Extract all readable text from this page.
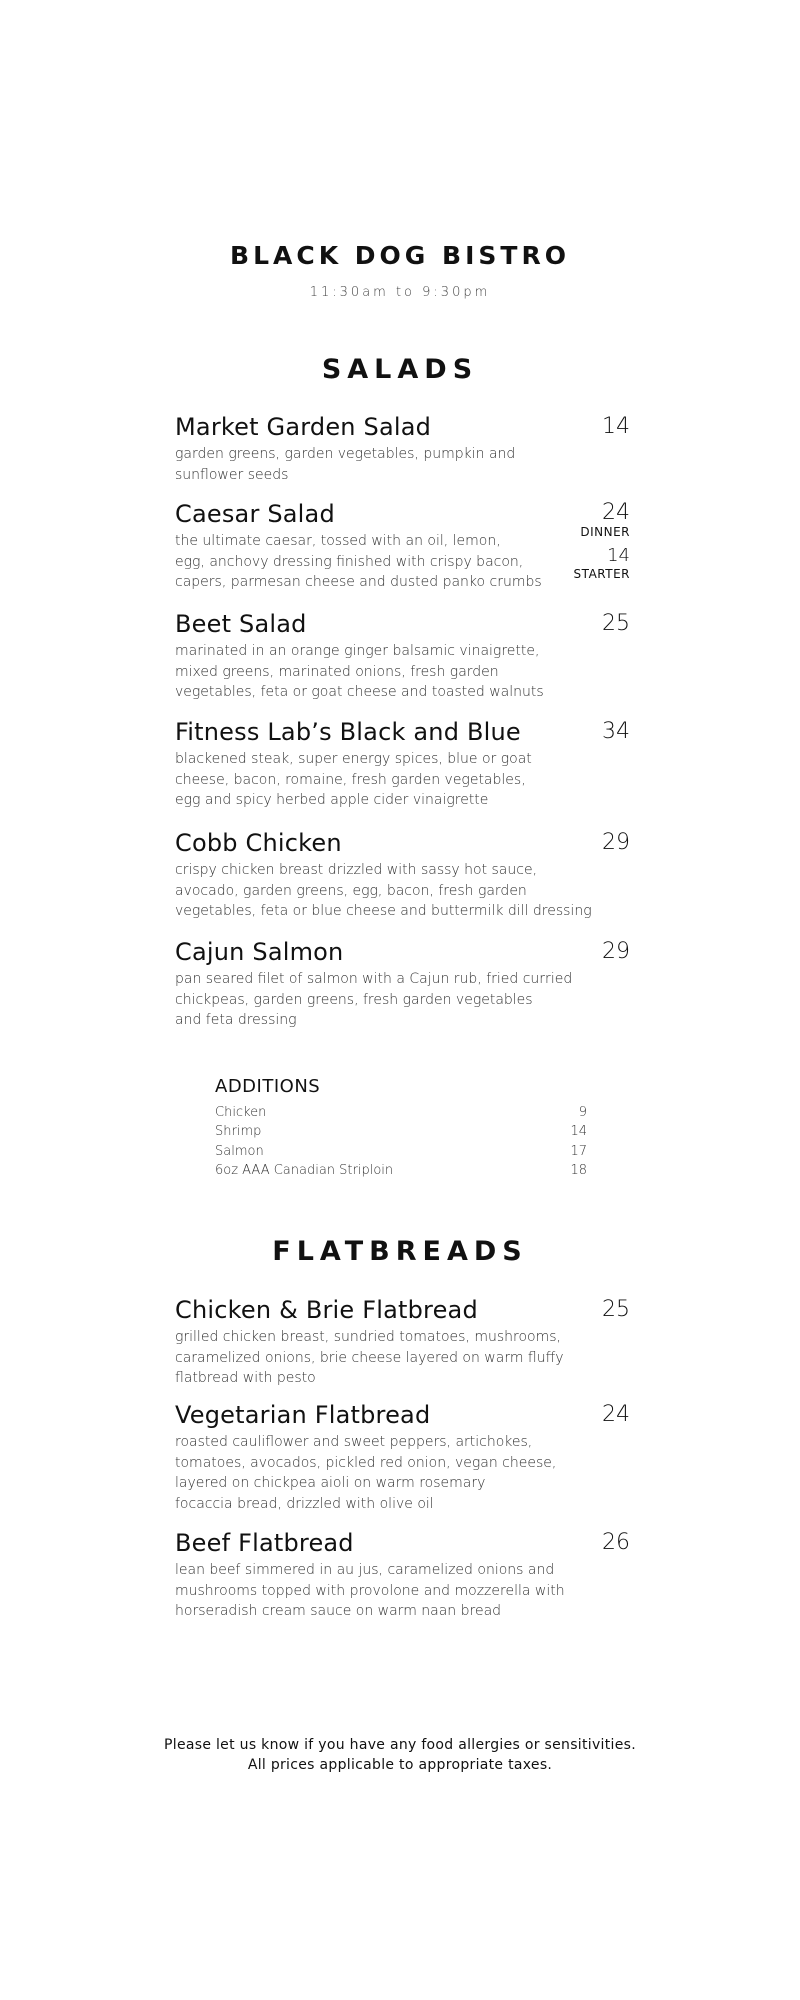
BLACK DOG BISTRO
11:30am to 9:30pm
SALADS
Market Garden Salad	14
garden greens, garden vegetables, pumpkin and
sunflower seeds
Caesar Salad	24
DINNER
14
STARTER
the ultimate caesar, tossed with an oil, lemon,
egg, anchovy dressing finished with crispy bacon,
capers, parmesan cheese and dusted panko crumbs
Beet Salad	25
marinated in an orange ginger balsamic vinaigrette,
mixed greens, marinated onions, fresh garden
vegetables, feta or goat cheese and toasted walnuts
Fitness Lab’s Black and Blue	34
blackened steak, super energy spices, blue or goat
cheese, bacon, romaine, fresh garden vegetables,
egg and spicy herbed apple cider vinaigrette
Cobb Chicken	29
crispy chicken breast drizzled with sassy hot sauce,
avocado, garden greens, egg, bacon, fresh garden
vegetables, feta or blue cheese and buttermilk dill dressing
Cajun Salmon	29
pan seared filet of salmon with a Cajun rub, fried curried
chickpeas, garden greens, fresh garden vegetables
and feta dressing
ADDITIONS
Chicken	9
Shrimp	14
Salmon	17
6oz AAA Canadian Striploin	18
FLATBREADS
Chicken & Brie Flatbread	25
grilled chicken breast, sundried tomatoes, mushrooms,
caramelized onions, brie cheese layered on warm fluffy
flatbread with pesto
Vegetarian Flatbread	24
roasted cauliflower and sweet peppers, artichokes,
tomatoes, avocados, pickled red onion, vegan cheese,
layered on chickpea aioli on warm rosemary
focaccia bread, drizzled with olive oil
Beef Flatbread	26
lean beef simmered in au jus, caramelized onions and
mushrooms topped with provolone and mozzerella with
horseradish cream sauce on warm naan bread
Please let us know if you have any food allergies or sensitivities.
All prices applicable to appropriate taxes.
